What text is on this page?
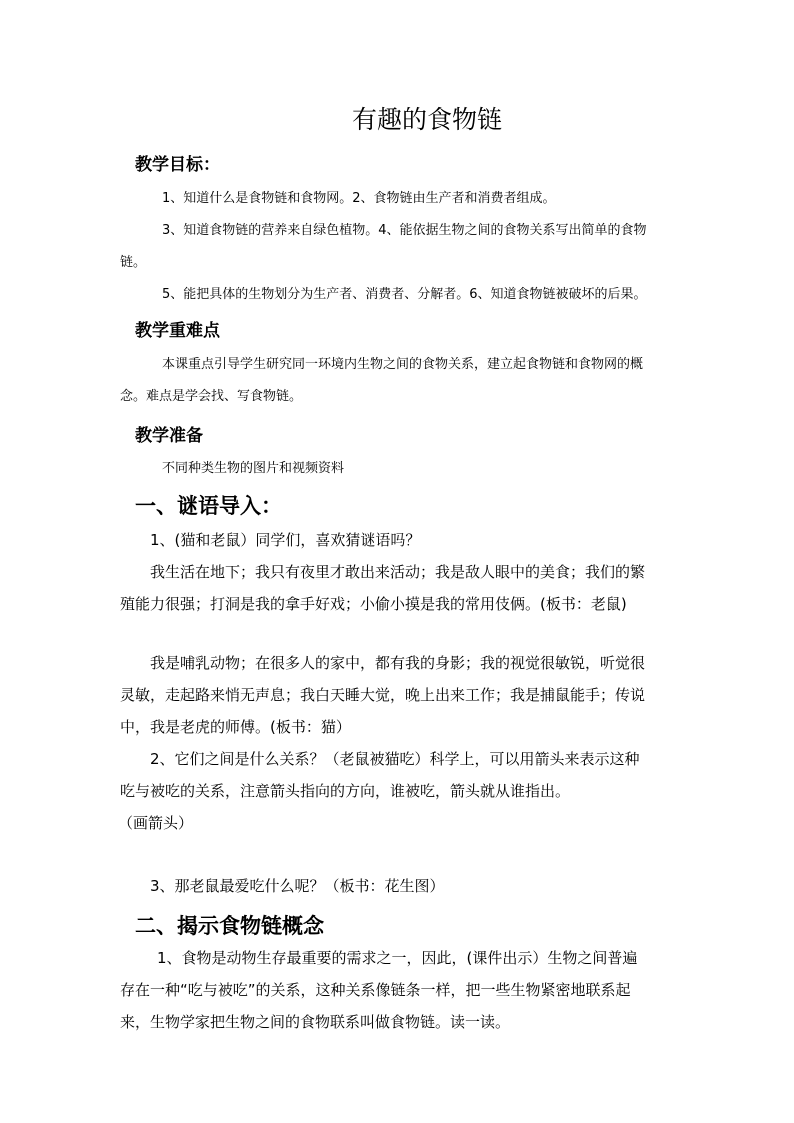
有趣的食物链
教学目标：
1、知道什么是食物链和食物网。2、食物链由生产者和消费者组成。
3、知道食物链的营养来自绿色植物。4、能依据生物之间的食物关系写出简单的食物
链。
5、能把具体的生物划分为生产者、消费者、分解者。6、知道食物链被破坏的后果。
教学重难点
本课重点引导学生研究同一环境内生物之间的食物关系，建立起食物链和食物网的概
念。难点是学会找、写食物链。
教学准备
不同种类生物的图片和视频资料
一、谜语导入：
1、(猫和老鼠）同学们，喜欢猜谜语吗？
我生活在地下；我只有夜里才敢出来活动；我是敌人眼中的美食；我们的繁
殖能力很强；打洞是我的拿手好戏；小偷小摸是我的常用伎俩。(板书：老鼠)
我是哺乳动物；在很多人的家中，都有我的身影；我的视觉很敏锐，听觉很
灵敏，走起路来悄无声息；我白天睡大觉，晚上出来工作；我是捕鼠能手；传说
中，我是老虎的师傅。(板书：猫）
2、它们之间是什么关系？（老鼠被猫吃）科学上，可以用箭头来表示这种
吃与被吃的关系，注意箭头指向的方向，谁被吃，箭头就从谁指出。
（画箭头）
3、那老鼠最爱吃什么呢？（板书：花生图）
二、揭示食物链概念
1、食物是动物生存最重要的需求之一，因此，(课件出示）生物之间普遍
存在一种“吃与被吃”的关系，这种关系像链条一样，把一些生物紧密地联系起
来，生物学家把生物之间的食物联系叫做食物链。读一读。
